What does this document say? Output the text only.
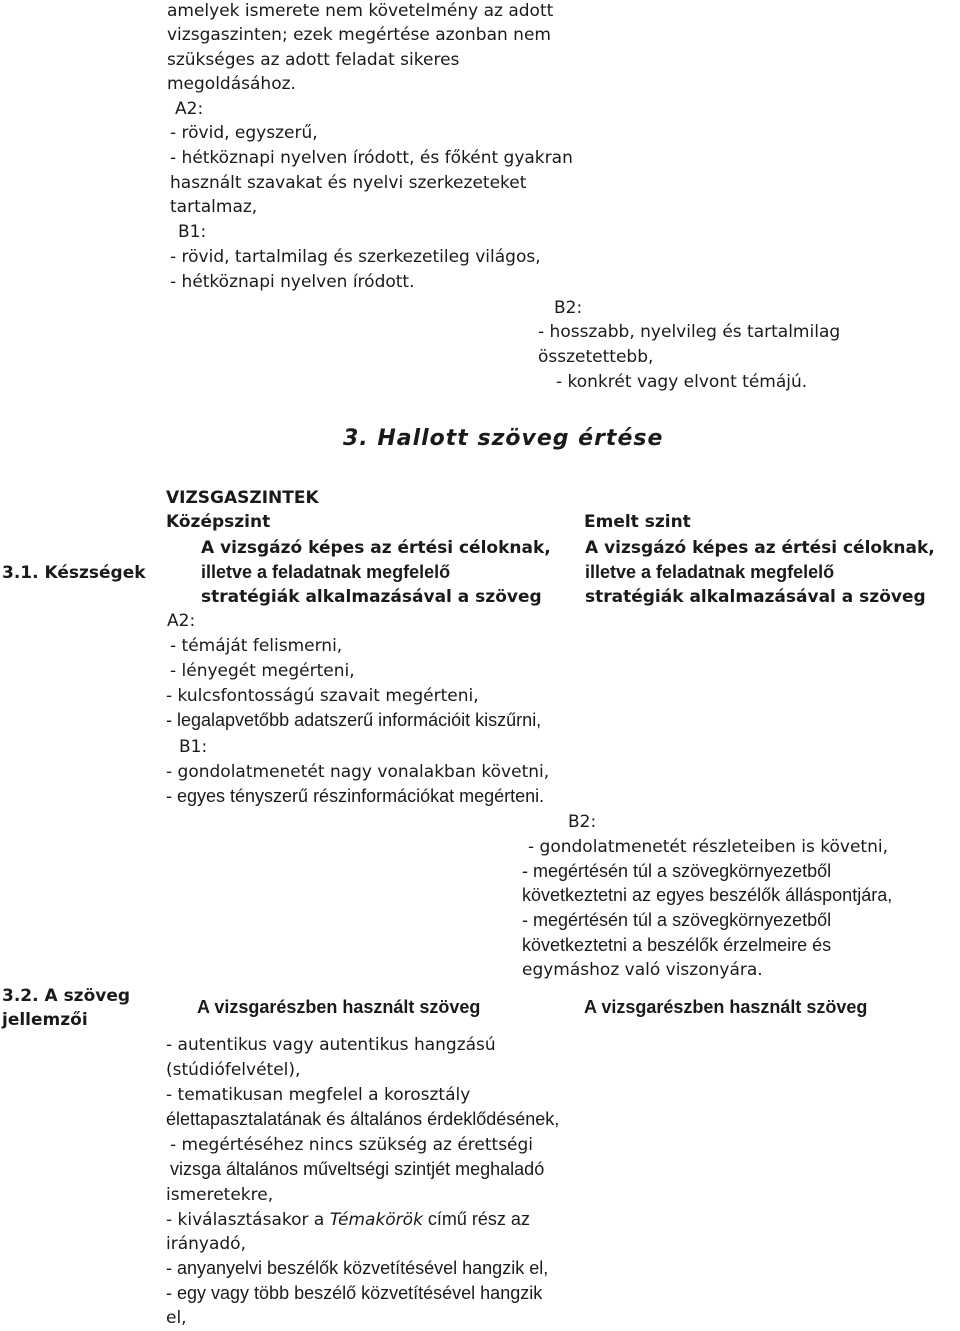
amelyek ismerete nem követelmény az adott
vizsgaszinten; ezek megértése azonban nem
szükséges az adott feladat sikeres
megoldásához.
A2:
- rövid, egyszerű,
- hétköznapi nyelven íródott, és főként gyakran
használt szavakat és nyelvi szerkezeteket
tartalmaz,
B1:
- rövid, tartalmilag és szerkezetileg világos,
- hétköznapi nyelven íródott.
B2:
- hosszabb, nyelvileg és tartalmilag
összetettebb,
- konkrét vagy elvont témájú.
3. Hallott szöveg értése
VIZSGASZINTEK
Középszint	Emelt szint
3.1. Készségek
A vizsgázó képes az értési céloknak,
illetve a feladatnak megfelelő
stratégiák alkalmazásával a szöveg
A vizsgázó képes az értési céloknak,
illetve a feladatnak megfelelő
stratégiák alkalmazásával a szöveg
A2:
- témáját felismerni,
- lényegét megérteni,
- kulcsfontosságú szavait megérteni,
- legalapvetőbb adatszerű információit kiszűrni,
B1:
- gondolatmenetét nagy vonalakban követni,
- egyes tényszerű részinformációkat megérteni.
B2:
- gondolatmenetét részleteiben is követni,
- megértésén túl a szövegkörnyezetből
következtetni az egyes beszélők álláspontjára,
- megértésén túl a szövegkörnyezetből
következtetni a beszélők érzelmeire és
egymáshoz való viszonyára.
3.2. A szöveg
jellemzői
A vizsgarészben használt szöveg	A vizsgarészben használt szöveg
- autentikus vagy autentikus hangzású
(stúdiófelvétel),
- tematikusan megfelel a korosztály
élettapasztalatának és általános érdeklődésének,
- megértéséhez nincs szükség az érettségi
vizsga általános műveltségi szintjét meghaladó
ismeretekre,
- kiválasztásakor a Témakörök című rész az
irányadó,
- anyanyelvi beszélők közvetítésével hangzik el,
- egy vagy több beszélő közvetítésével hangzik
el,
